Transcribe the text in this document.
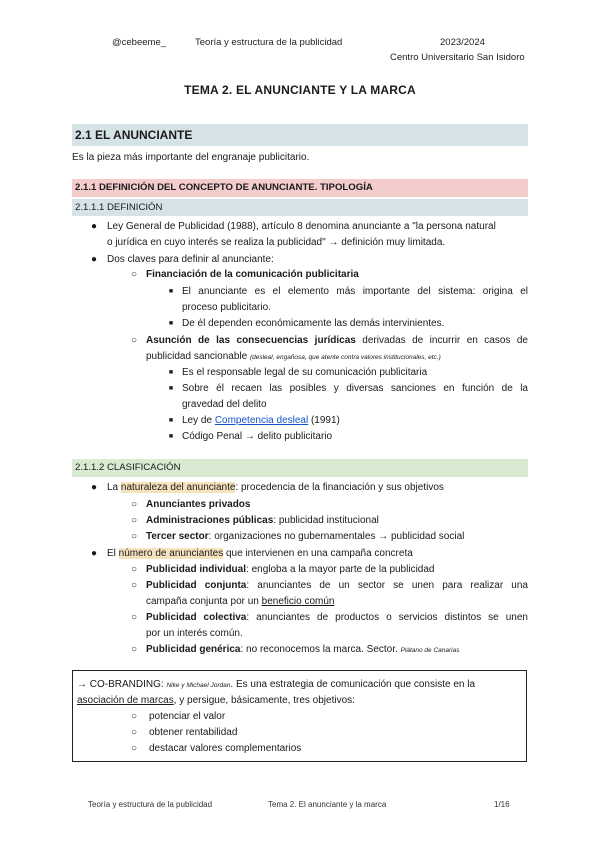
@cebeeme_	Teoría y estructura de la publicidad	2023/2024
Centro Universitario San Isidoro
TEMA 2. EL ANUNCIANTE Y LA MARCA
2.1 EL ANUNCIANTE
Es la pieza más importante del engranaje publicitario.
2.1.1 DEFINICIÓN DEL CONCEPTO DE ANUNCIANTE. TIPOLOGÍA
2.1.1.1 DEFINICIÓN
● Ley General de Publicidad (1988), artículo 8 denomina anunciante a "la persona natural
o jurídica en cuyo interés se realiza la publicidad" → definición muy limitada.
● Dos claves para definir al anunciante:
○ Financiación de la comunicación publicitaria
■ El anunciante es el elemento más importante del sistema: origina el
proceso publicitario.
■ De él dependen económicamente las demás intervinientes.
○ Asunción de las consecuencias jurídicas derivadas de incurrir en casos de
publicidad sancionable (desleal, engañosa, que atente contra valores institucionales, etc.)
■ Es el responsable legal de su comunicación publicitaria
■ Sobre él recaen las posibles y diversas sanciones en función de la
gravedad del delito
■ Ley de Competencia desleal (1991)
■ Código Penal → delito publicitario
2.1.1.2 CLASIFICACIÓN
● La naturaleza del anunciante: procedencia de la financiación y sus objetivos
○ Anunciantes privados
○ Administraciones públicas: publicidad institucional
○ Tercer sector: organizaciones no gubernamentales → publicidad social
● El número de anunciantes que intervienen en una campaña concreta
○ Publicidad individual: engloba a la mayor parte de la publicidad
○ Publicidad conjunta: anunciantes de un sector se unen para realizar una
campaña conjunta por un beneficio común
○ Publicidad colectiva: anunciantes de productos o servicios distintos se unen
por un interés común.
○ Publicidad genérica: no reconocemos la marca. Sector. Plátano de Canarias
→ CO-BRANDING: Nike y Michael Jordan. Es una estrategia de comunicación que consiste en la
asociación de marcas, y persigue, básicamente, tres objetivos:
○ potenciar el valor
○ obtener rentabilidad
○ destacar valores complementarios
Teoría y estructura de la publicidad	Tema 2. El anunciante y la marca	1/16
